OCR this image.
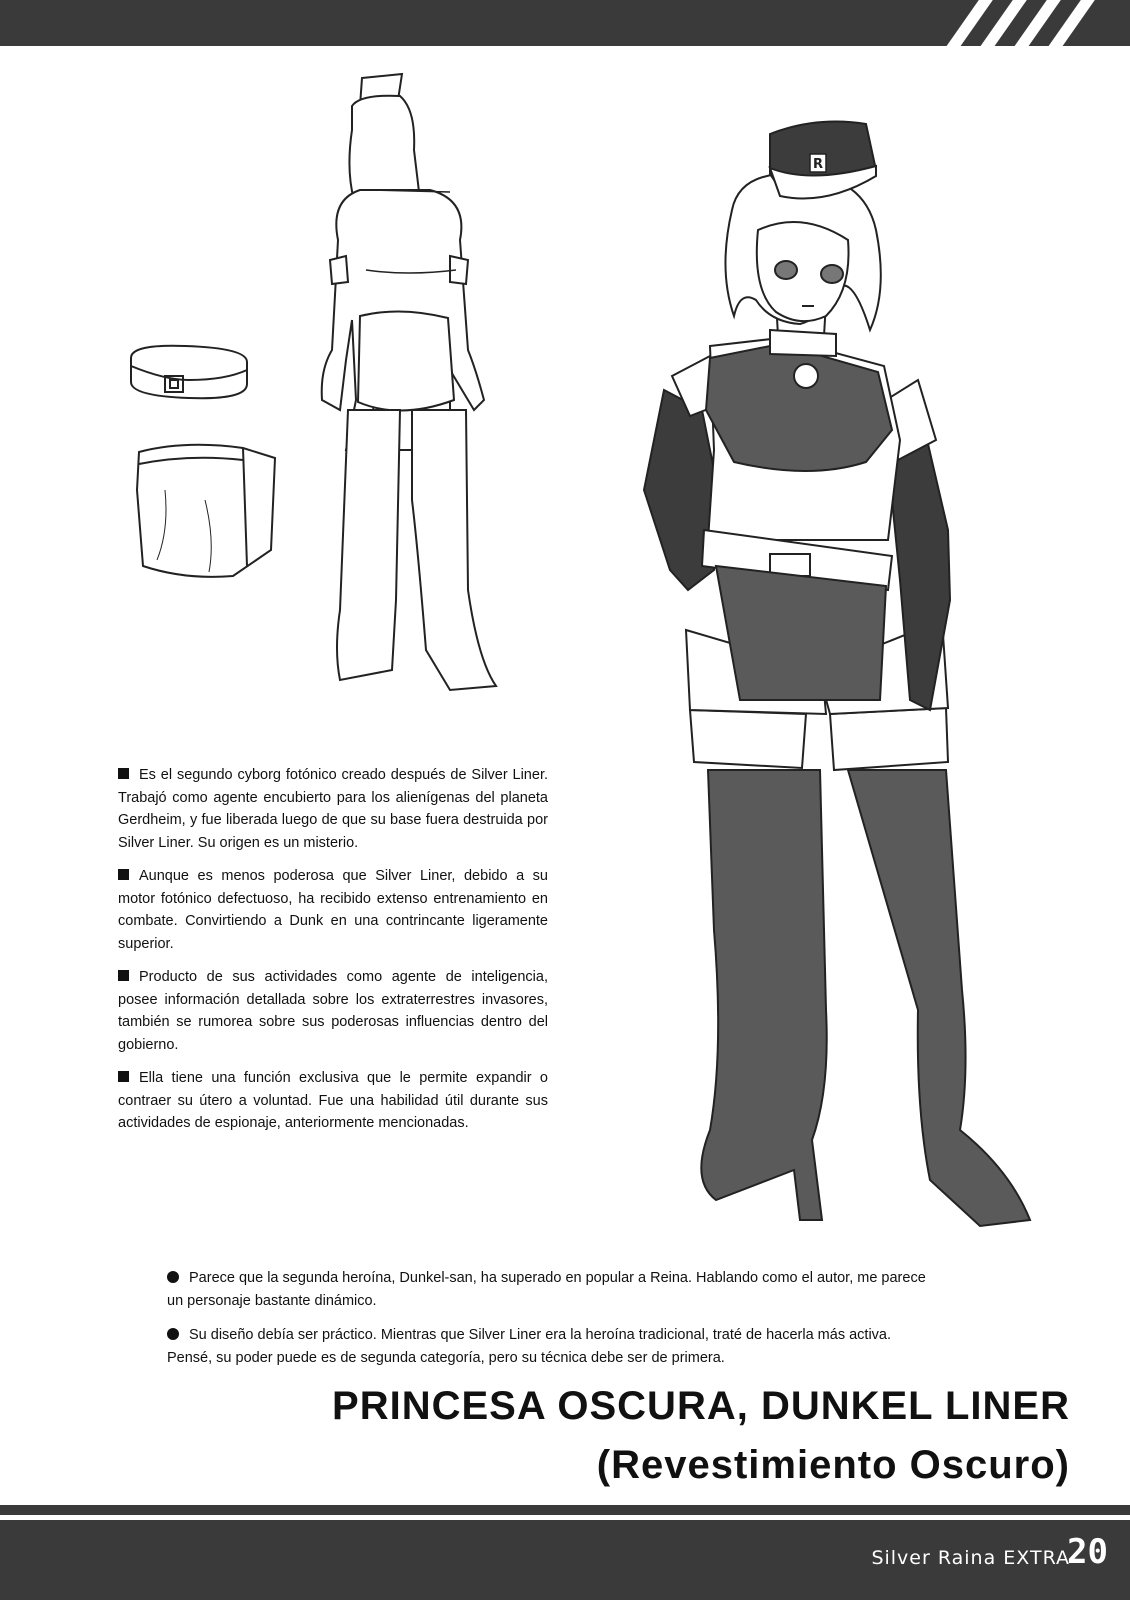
R

Es el segundo cyborg fotónico creado después de Silver Liner. Trabajó como agente encubierto para los alienígenas del planeta Gerdheim, y fue liberada luego de que su base fuera destruida por Silver Liner. Su origen es un misterio.

Aunque es menos poderosa que Silver Liner, debido a su motor fotónico defectuoso, ha recibido extenso entrenamiento en combate. Convirtiendo a Dunk en una contrincante ligeramente superior.

Producto de sus actividades como agente de inteligencia, posee información detallada sobre los extraterrestres invasores, también se rumorea sobre sus poderosas influencias dentro del gobierno.

Ella tiene una función exclusiva que le permite expandir o contraer su útero a voluntad. Fue una habilidad útil durante sus actividades de espionaje, anteriormente mencionadas.

Parece que la segunda heroína, Dunkel-san, ha superado en popular a Reina. Hablando como el autor, me parece un personaje bastante dinámico.

Su diseño debía ser práctico. Mientras que Silver Liner era la heroína tradicional, traté de hacerla más activa. Pensé, su poder puede es de segunda categoría, pero su técnica debe ser de primera.

PRINCESA OSCURA, DUNKEL LINER
(Revestimiento Oscuro)
Silver Raina EXTRA
20
